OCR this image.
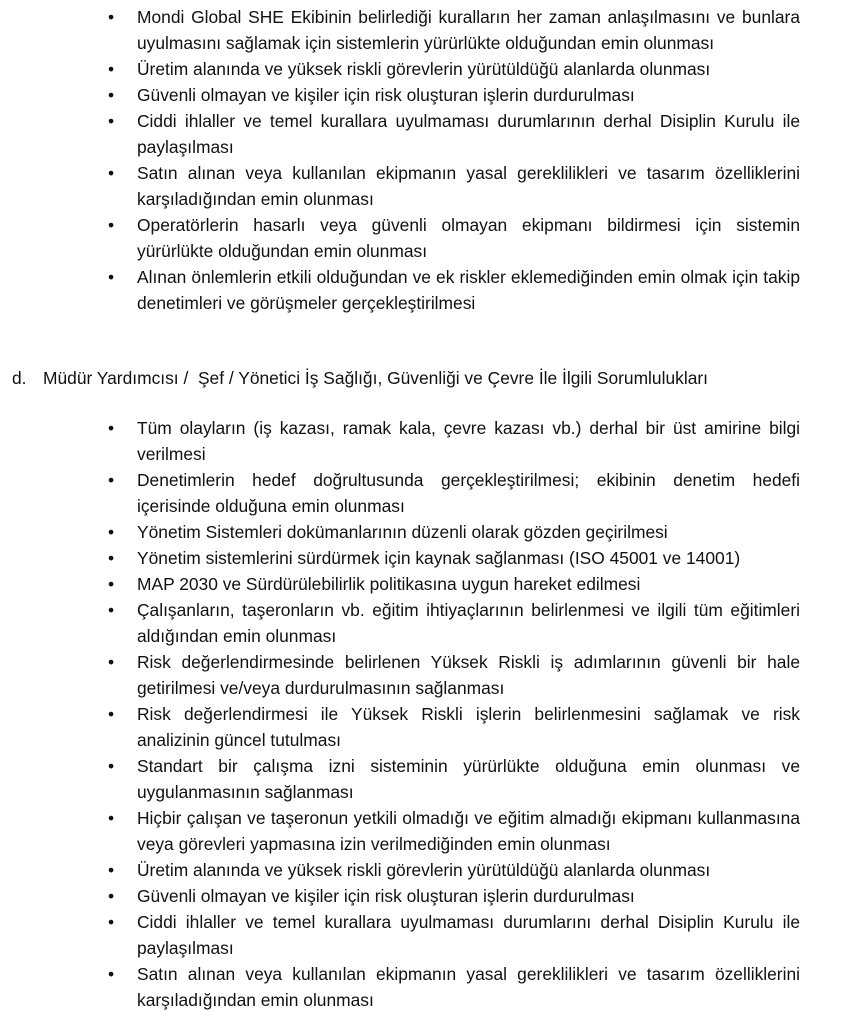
•	Mondi Global SHE Ekibinin belirlediği kuralların her zaman anlaşılmasını ve bunlara uyulmasını sağlamak için sistemlerin yürürlükte olduğundan emin olunması
•	Üretim alanında ve yüksek riskli görevlerin yürütüldüğü alanlarda olunması
•	Güvenli olmayan ve kişiler için risk oluşturan işlerin durdurulması
•	Ciddi ihlaller ve temel kurallara uyulmaması durumlarının derhal Disiplin Kurulu ile paylaşılması
•	Satın alınan veya kullanılan ekipmanın yasal gereklilikleri ve tasarım özelliklerini karşıladığından emin olunması
•	Operatörlerin hasarlı veya güvenli olmayan ekipmanı bildirmesi için sistemin yürürlükte olduğundan emin olunması
•	Alınan önlemlerin etkili olduğundan ve ek riskler eklemediğinden emin olmak için takip denetimleri ve görüşmeler gerçekleştirilmesi
d. Müdür Yardımcısı /  Şef / Yönetici İş Sağlığı, Güvenliği ve Çevre İle İlgili Sorumlulukları
•	Tüm olayların (iş kazası, ramak kala, çevre kazası vb.) derhal bir üst amirine bilgi verilmesi
•	Denetimlerin hedef doğrultusunda gerçekleştirilmesi; ekibinin denetim hedefi içerisinde olduğuna emin olunması
•	Yönetim Sistemleri dokümanlarının düzenli olarak gözden geçirilmesi
•	Yönetim sistemlerini sürdürmek için kaynak sağlanması (ISO 45001 ve 14001)
•	MAP 2030 ve Sürdürülebilirlik politikasına uygun hareket edilmesi
•	Çalışanların, taşeronların vb. eğitim ihtiyaçlarının belirlenmesi ve ilgili tüm eğitimleri aldığından emin olunması
•	Risk değerlendirmesinde belirlenen Yüksek Riskli iş adımlarının güvenli bir hale getirilmesi ve/veya durdurulmasının sağlanması
•	Risk değerlendirmesi ile Yüksek Riskli işlerin belirlenmesini sağlamak ve risk analizinin güncel tutulması
•	Standart bir çalışma izni sisteminin yürürlükte olduğuna emin olunması ve uygulanmasının sağlanması
•	Hiçbir çalışan ve taşeronun yetkili olmadığı ve eğitim almadığı ekipmanı kullanmasına veya görevleri yapmasına izin verilmediğinden emin olunması
•	Üretim alanında ve yüksek riskli görevlerin yürütüldüğü alanlarda olunması
•	Güvenli olmayan ve kişiler için risk oluşturan işlerin durdurulması
•	Ciddi ihlaller ve temel kurallara uyulmaması durumlarını derhal Disiplin Kurulu ile paylaşılması
•	Satın alınan veya kullanılan ekipmanın yasal gereklilikleri ve tasarım özelliklerini karşıladığından emin olunması
